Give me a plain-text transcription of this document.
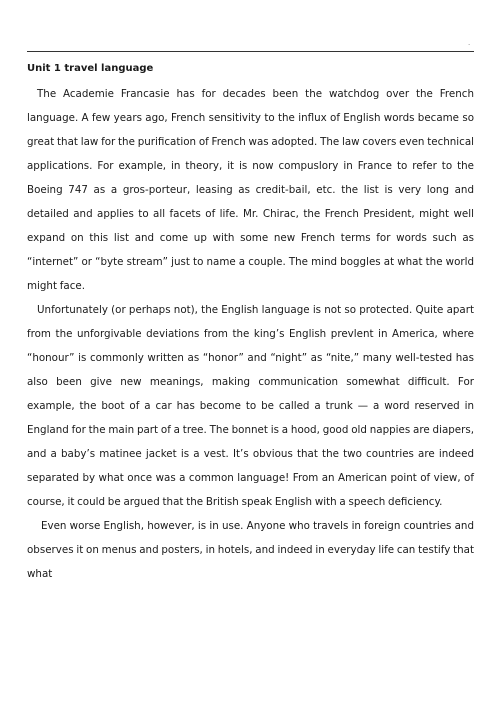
.

Unit 1 travel language

The Academie Francasie has for decades been the watchdog over the French language. A few years ago, French sensitivity to the influx of English words became so great that law for the purification of French was adopted. The law covers even technical applications. For example, in theory, it is now compuslory in France to refer to the Boeing 747 as a gros-porteur, leasing as credit-bail, etc. the list is very long and detailed and applies to all facets of life. Mr. Chirac, the French President, might well expand on this list and come up with some new French terms for words such as “internet” or “byte stream” just to name a couple. The mind boggles at what the world might face.

Unfortunately (or perhaps not), the English language is not so protected. Quite apart from the unforgivable deviations from the king’s English prevlent in America, where “honour” is commonly written as “honor” and “night” as “nite,” many well-tested has also been give new meanings, making communication somewhat difficult. For example, the boot of a car has become to be called a trunk — a word reserved in England for the main part of a tree. The bonnet is a hood, good old nappies are diapers, and a baby’s matinee jacket is a vest. It’s obvious that the two countries are indeed separated by what once was a common language! From an American point of view, of course, it could be argued that the British speak English with a speech deficiency.

Even worse English, however, is in use. Anyone who travels in foreign countries and observes it on menus and posters, in hotels, and indeed in everyday life can testify that what
